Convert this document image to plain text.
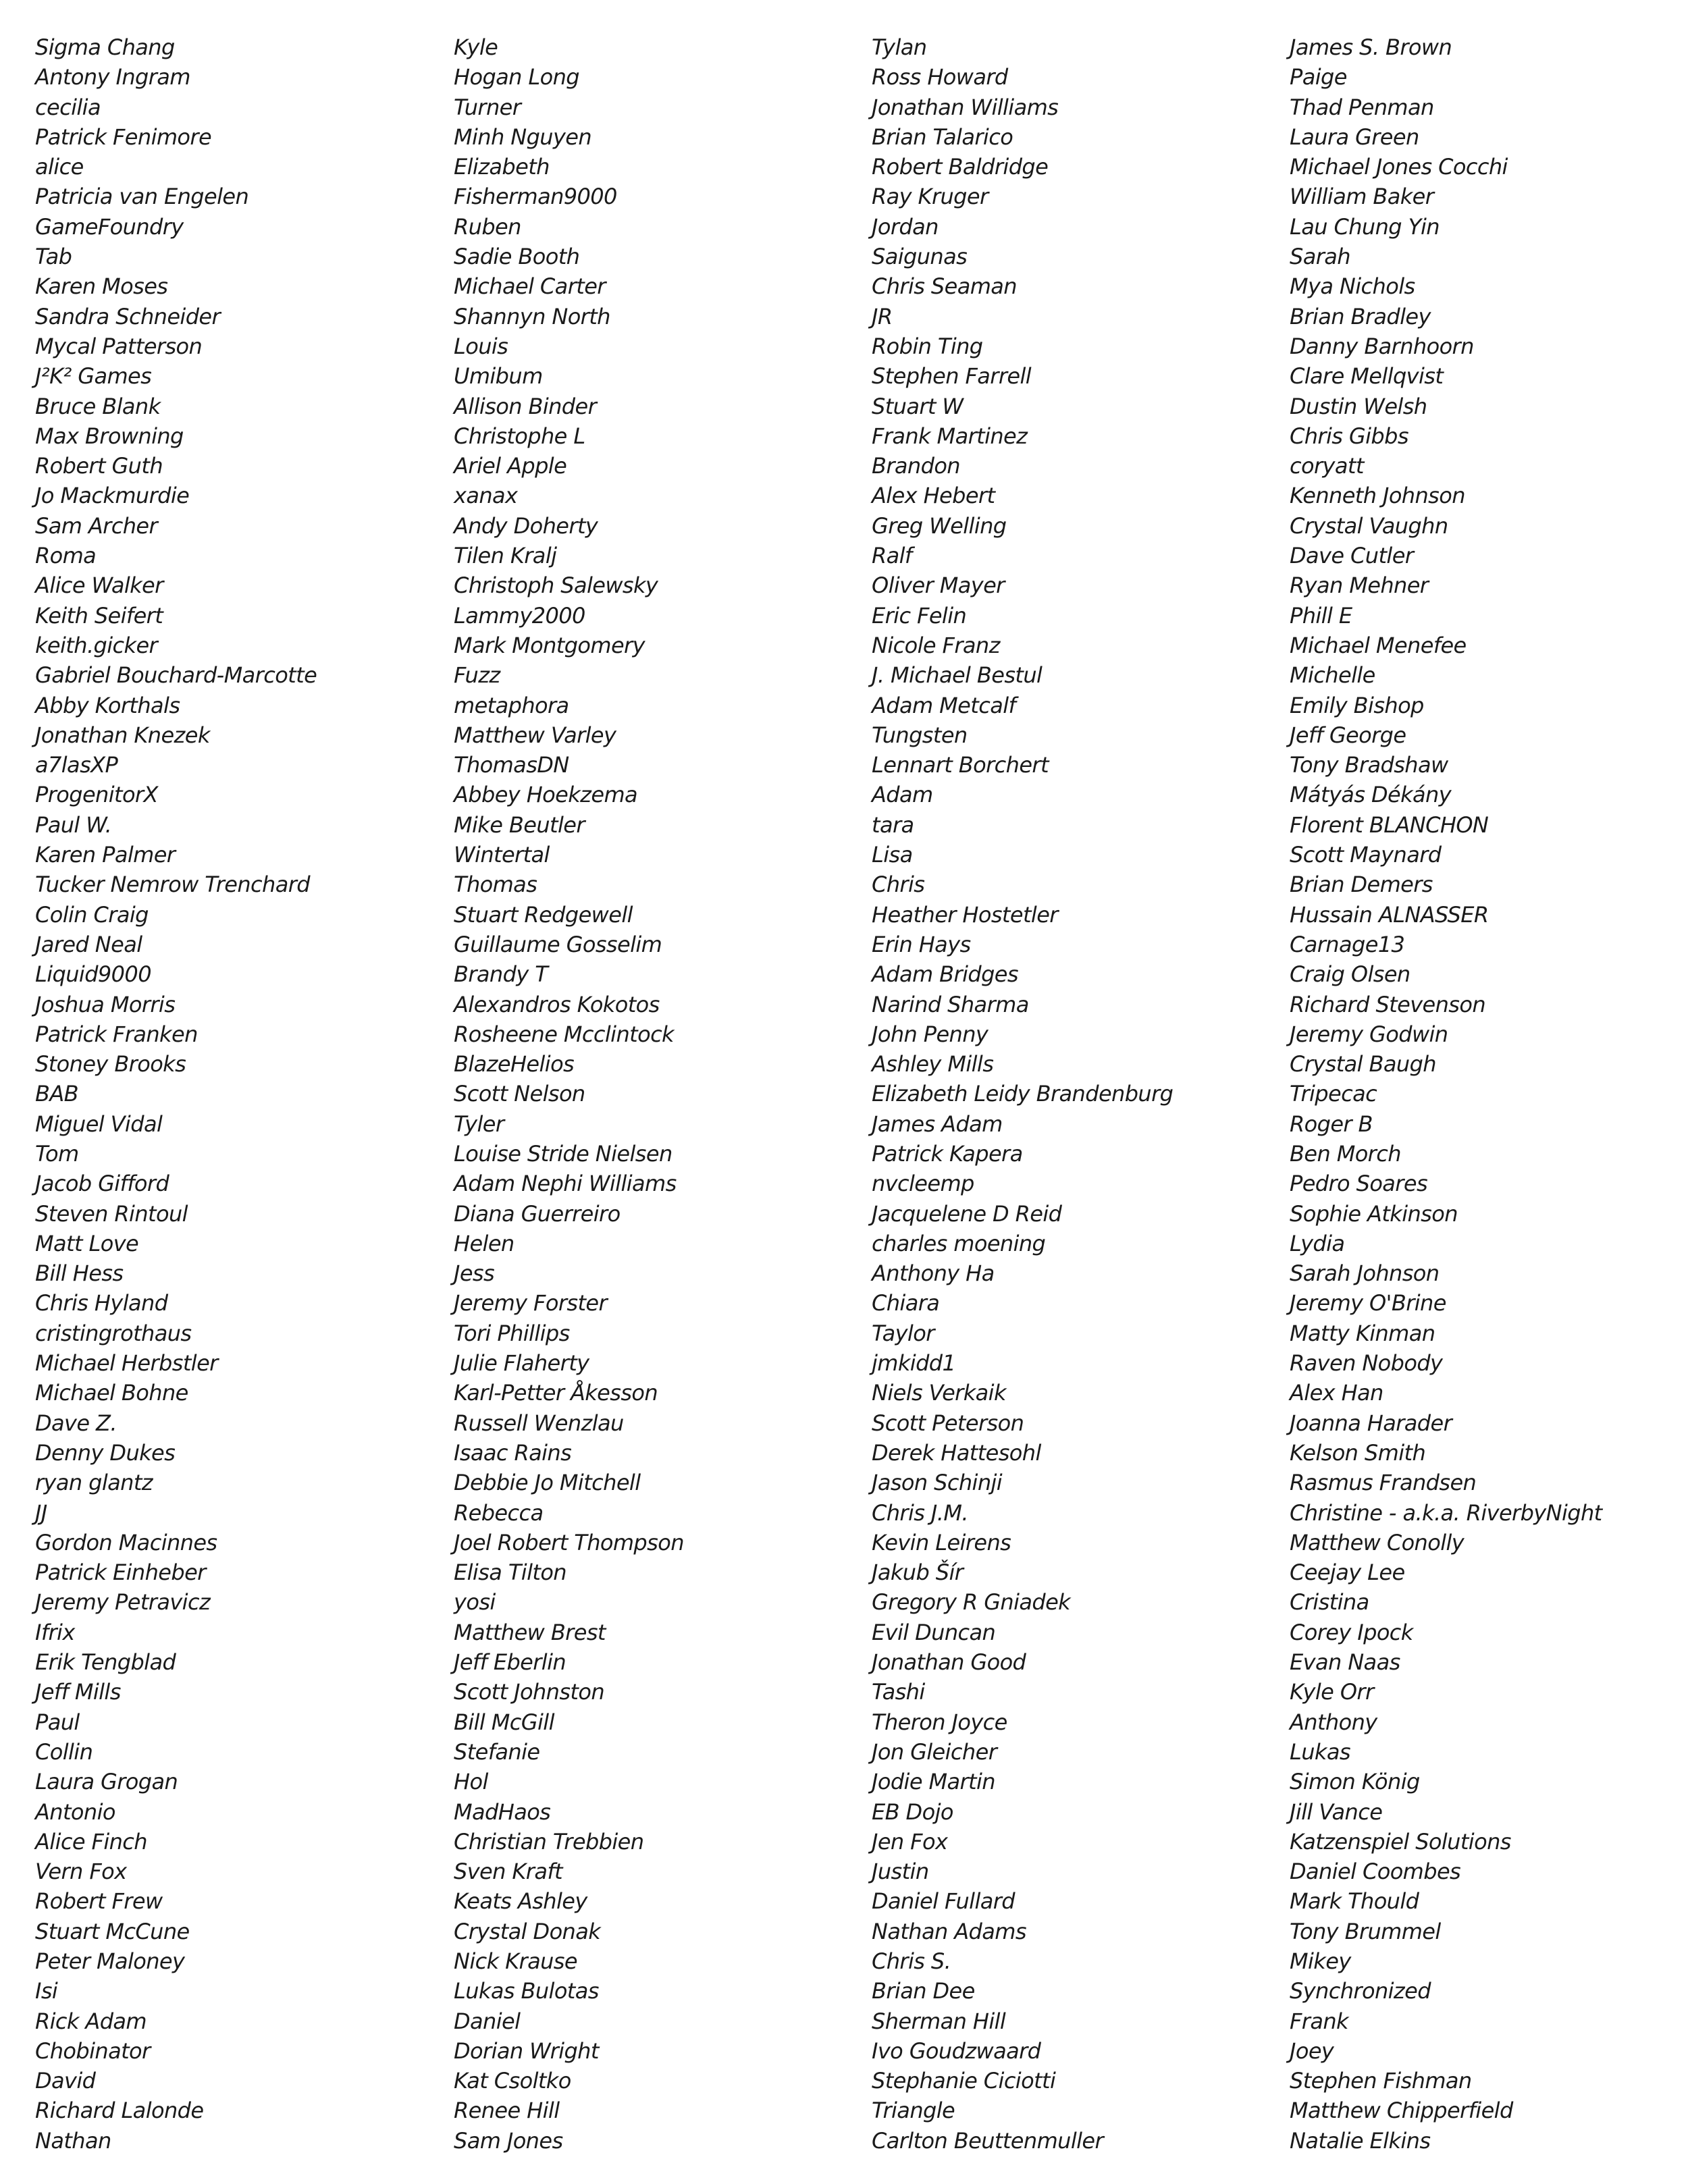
Sigma Chang
Antony Ingram
cecilia
Patrick Fenimore
alice
Patricia van Engelen
GameFoundry
Tab
Karen Moses
Sandra Schneider
Mycal Patterson
J²K² Games
Bruce Blank
Max Browning
Robert Guth
Jo Mackmurdie
Sam Archer
Roma
Alice Walker
Keith Seifert
keith.gicker
Gabriel Bouchard-Marcotte
Abby Korthals
Jonathan Knezek
a7lasXP
ProgenitorX
Paul W.
Karen Palmer
Tucker Nemrow Trenchard
Colin Craig
Jared Neal
Liquid9000
Joshua Morris
Patrick Franken
Stoney Brooks
BAB
Miguel Vidal
Tom
Jacob Gifford
Steven Rintoul
Matt Love
Bill Hess
Chris Hyland
cristingrothaus
Michael Herbstler
Michael Bohne
Dave Z.
Denny Dukes
ryan glantz
JJ
Gordon Macinnes
Patrick Einheber
Jeremy Petravicz
Ifrix
Erik Tengblad
Jeff Mills
Paul
Collin
Laura Grogan
Antonio
Alice Finch
Vern Fox
Robert Frew
Stuart McCune
Peter Maloney
Isi
Rick Adam
Chobinator
David
Richard Lalonde
Nathan
Kyle
Hogan Long
Turner
Minh Nguyen
Elizabeth
Fisherman9000
Ruben
Sadie Booth
Michael Carter
Shannyn North
Louis
Umibum
Allison Binder
Christophe L
Ariel Apple
xanax
Andy Doherty
Tilen Kralj
Christoph Salewsky
Lammy2000
Mark Montgomery
Fuzz
metaphora
Matthew Varley
ThomasDN
Abbey Hoekzema
Mike Beutler
Wintertal
Thomas
Stuart Redgewell
Guillaume Gosselim
Brandy T
Alexandros Kokotos
Rosheene Mcclintock
BlazeHelios
Scott Nelson
Tyler
Louise Stride Nielsen
Adam Nephi Williams
Diana Guerreiro
Helen
Jess
Jeremy Forster
Tori Phillips
Julie Flaherty
Karl-Petter Åkesson
Russell Wenzlau
Isaac Rains
Debbie Jo Mitchell
Rebecca
Joel Robert Thompson
Elisa Tilton
yosi
Matthew Brest
Jeff Eberlin
Scott Johnston
Bill McGill
Stefanie
Hol
MadHaos
Christian Trebbien
Sven Kraft
Keats Ashley
Crystal Donak
Nick Krause
Lukas Bulotas
Daniel
Dorian Wright
Kat Csoltko
Renee Hill
Sam Jones
Tylan
Ross Howard
Jonathan Williams
Brian Talarico
Robert Baldridge
Ray Kruger
Jordan
Saigunas
Chris Seaman
JR
Robin Ting
Stephen Farrell
Stuart W
Frank Martinez
Brandon
Alex Hebert
Greg Welling
Ralf
Oliver Mayer
Eric Felin
Nicole Franz
J. Michael Bestul
Adam Metcalf
Tungsten
Lennart Borchert
Adam
tara
Lisa
Chris
Heather Hostetler
Erin Hays
Adam Bridges
Narind Sharma
John Penny
Ashley Mills
Elizabeth Leidy Brandenburg
James Adam
Patrick Kapera
nvcleemp
Jacquelene D Reid
charles moening
Anthony Ha
Chiara
Taylor
jmkidd1
Niels Verkaik
Scott Peterson
Derek Hattesohl
Jason Schinji
Chris J.M.
Kevin Leirens
Jakub Šír
Gregory R Gniadek
Evil Duncan
Jonathan Good
Tashi
Theron Joyce
Jon Gleicher
Jodie Martin
EB Dojo
Jen Fox
Justin
Daniel Fullard
Nathan Adams
Chris S.
Brian Dee
Sherman Hill
Ivo Goudzwaard
Stephanie Ciciotti
Triangle
Carlton Beuttenmuller
James S. Brown
Paige
Thad Penman
Laura Green
Michael Jones Cocchi
William Baker
Lau Chung Yin
Sarah
Mya Nichols
Brian Bradley
Danny Barnhoorn
Clare Mellqvist
Dustin Welsh
Chris Gibbs
coryatt
Kenneth Johnson
Crystal Vaughn
Dave Cutler
Ryan Mehner
Phill E
Michael Menefee
Michelle
Emily Bishop
Jeff George
Tony Bradshaw
Mátyás Dékány
Florent BLANCHON
Scott Maynard
Brian Demers
Hussain ALNASSER
Carnage13
Craig Olsen
Richard Stevenson
Jeremy Godwin
Crystal Baugh
Tripecac
Roger B
Ben Morch
Pedro Soares
Sophie Atkinson
Lydia
Sarah Johnson
Jeremy O'Brine
Matty Kinman
Raven Nobody
Alex Han
Joanna Harader
Kelson Smith
Rasmus Frandsen
Christine - a.k.a. RiverbyNight
Matthew Conolly
Ceejay Lee
Cristina
Corey Ipock
Evan Naas
Kyle Orr
Anthony
Lukas
Simon König
Jill Vance
Katzenspiel Solutions
Daniel Coombes
Mark Thould
Tony Brummel
Mikey
Synchronized
Frank
Joey
Stephen Fishman
Matthew Chipperfield
Natalie Elkins
